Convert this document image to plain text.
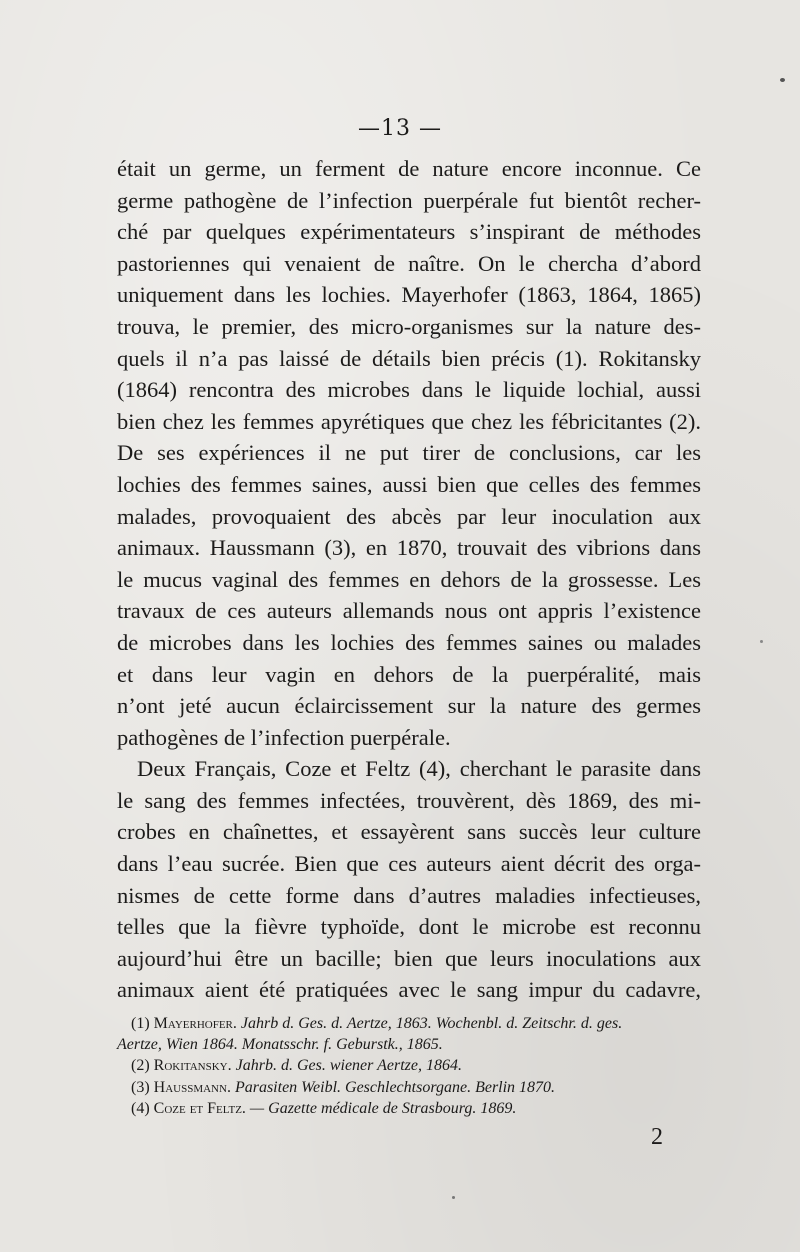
—13 —
était un germe, un ferment de nature encore inconnue. Ce
germe pathogène de l’infection puerpérale fut bientôt recher-
ché par quelques expérimentateurs s’inspirant de méthodes
pastoriennes qui venaient de naître. On le chercha d’abord
uniquement dans les lochies. Mayerhofer (1863, 1864, 1865)
trouva, le premier, des micro-organismes sur la nature des-
quels il n’a pas laissé de détails bien précis (1). Rokitansky
(1864) rencontra des microbes dans le liquide lochial, aussi
bien chez les femmes apyrétiques que chez les fébricitantes (2).
De ses expériences il ne put tirer de conclusions, car les
lochies des femmes saines, aussi bien que celles des femmes
malades, provoquaient des abcès par leur inoculation aux
animaux. Haussmann (3), en 1870, trouvait des vibrions dans
le mucus vaginal des femmes en dehors de la grossesse. Les
travaux de ces auteurs allemands nous ont appris l’existence
de microbes dans les lochies des femmes saines ou malades
et dans leur vagin en dehors de la puerpéralité, mais
n’ont jeté aucun éclaircissement sur la nature des germes
pathogènes de l’infection puerpérale.
Deux Français, Coze et Feltz (4), cherchant le parasite dans
le sang des femmes infectées, trouvèrent, dès 1869, des mi-
crobes en chaînettes, et essayèrent sans succès leur culture
dans l’eau sucrée. Bien que ces auteurs aient décrit des orga-
nismes de cette forme dans d’autres maladies infectieuses,
telles que la fièvre typhoïde, dont le microbe est reconnu
aujourd’hui être un bacille; bien que leurs inoculations aux
animaux aient été pratiquées avec le sang impur du cadavre,
(1) Mayerhofer. Jahrb d. Ges. d. Aertze, 1863. Wochenbl. d. Zeitschr. d. ges.
Aertze, Wien 1864. Monatsschr. f. Geburstk., 1865.
(2) Rokitansky. Jahrb. d. Ges. wiener Aertze, 1864.
(3) Haussmann. Parasiten Weibl. Geschlechtsorgane. Berlin 1870.
(4) Coze et Feltz. — Gazette médicale de Strasbourg. 1869.
2
